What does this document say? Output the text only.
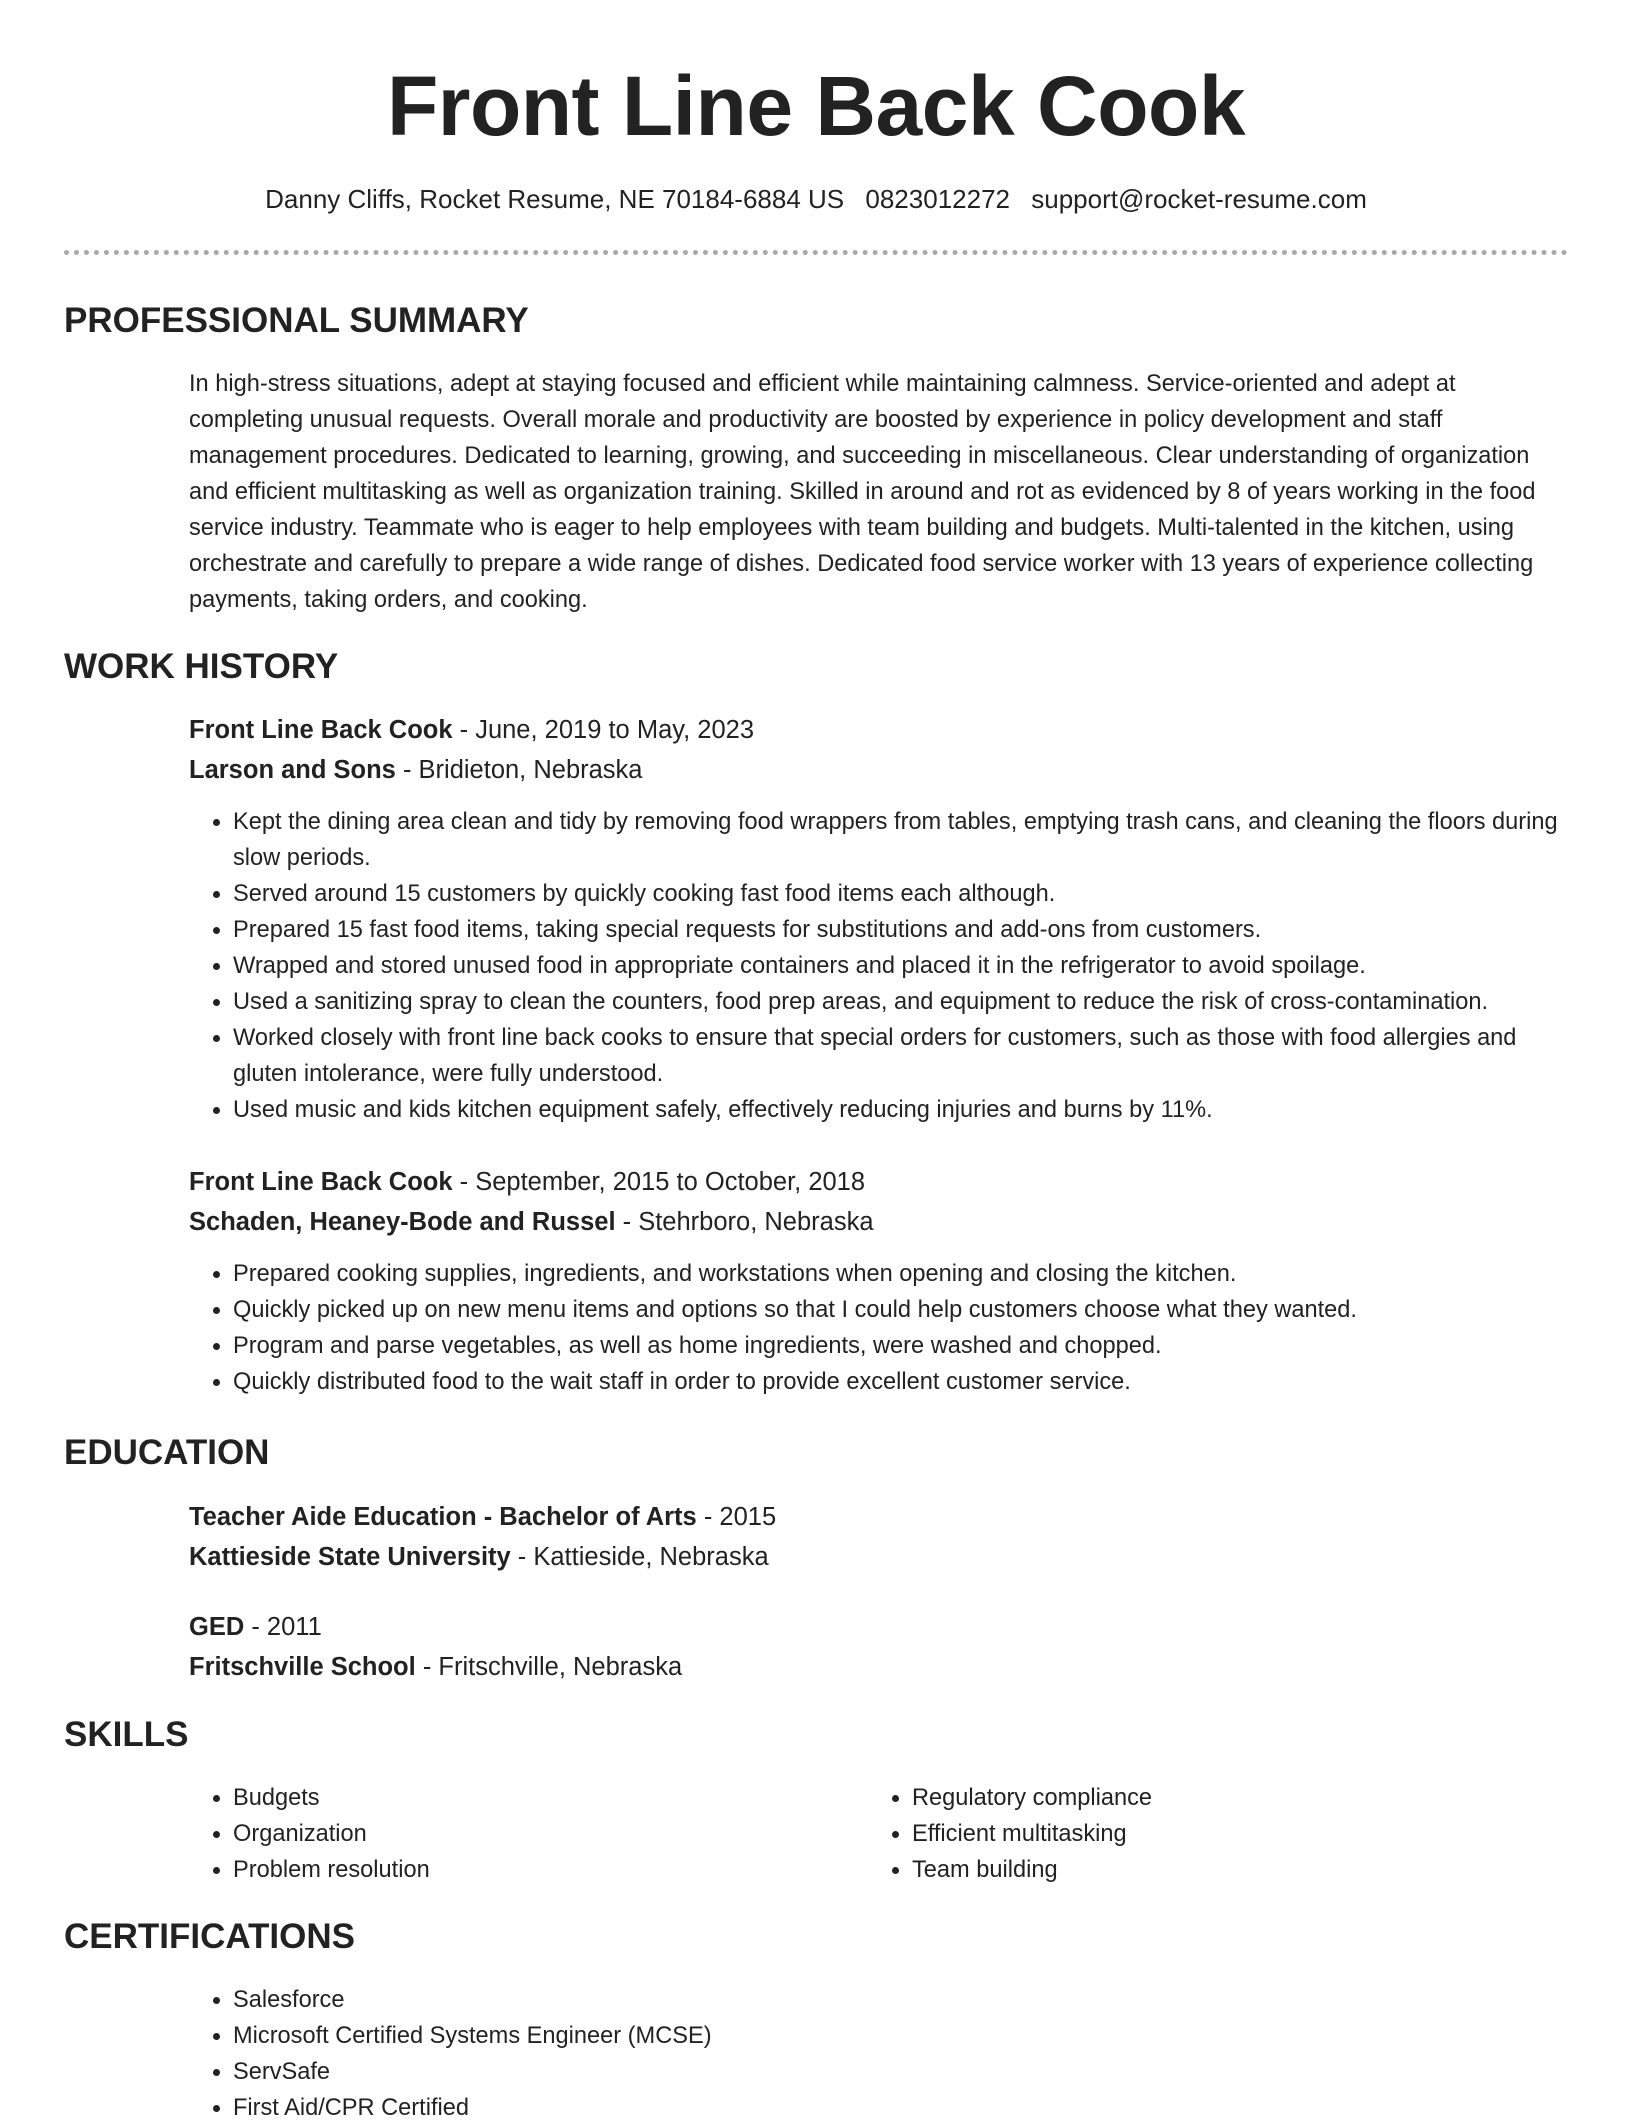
Front Line Back Cook
Danny Cliffs, Rocket Resume, NE 70184-6884 US 0823012272 support@rocket-resume.com
PROFESSIONAL SUMMARY

In high-stress situations, adept at staying focused and efficient while maintaining calmness. Service-oriented and adept at completing unusual requests. Overall morale and productivity are boosted by experience in policy development and staff management procedures. Dedicated to learning, growing, and succeeding in miscellaneous. Clear understanding of organization and efficient multitasking as well as organization training. Skilled in around and rot as evidenced by 8 of years working in the food service industry. Teammate who is eager to help employees with team building and budgets. Multi-talented in the kitchen, using orchestrate and carefully to prepare a wide range of dishes. Dedicated food service worker with 13 years of experience collecting payments, taking orders, and cooking.

WORK HISTORY
Front Line Back Cook - June, 2019 to May, 2023
Larson and Sons - Bridieton, Nebraska
• Kept the dining area clean and tidy by removing food wrappers from tables, emptying trash cans, and cleaning the floors during slow periods.
• Served around 15 customers by quickly cooking fast food items each although.
• Prepared 15 fast food items, taking special requests for substitutions and add-ons from customers.
• Wrapped and stored unused food in appropriate containers and placed it in the refrigerator to avoid spoilage.
• Used a sanitizing spray to clean the counters, food prep areas, and equipment to reduce the risk of cross-contamination.
• Worked closely with front line back cooks to ensure that special orders for customers, such as those with food allergies and gluten intolerance, were fully understood.
• Used music and kids kitchen equipment safely, effectively reducing injuries and burns by 11%.
Front Line Back Cook - September, 2015 to October, 2018
Schaden, Heaney-Bode and Russel - Stehrboro, Nebraska
• Prepared cooking supplies, ingredients, and workstations when opening and closing the kitchen.
• Quickly picked up on new menu items and options so that I could help customers choose what they wanted.
• Program and parse vegetables, as well as home ingredients, were washed and chopped.
• Quickly distributed food to the wait staff in order to provide excellent customer service.
EDUCATION
Teacher Aide Education - Bachelor of Arts - 2015
Kattieside State University - Kattieside, Nebraska
GED - 2011
Fritschville School - Fritschville, Nebraska
SKILLS
• Budgets
• Organization
• Problem resolution
• Regulatory compliance
• Efficient multitasking
• Team building
CERTIFICATIONS
• Salesforce
• Microsoft Certified Systems Engineer (MCSE)
• ServSafe
• First Aid/CPR Certified
